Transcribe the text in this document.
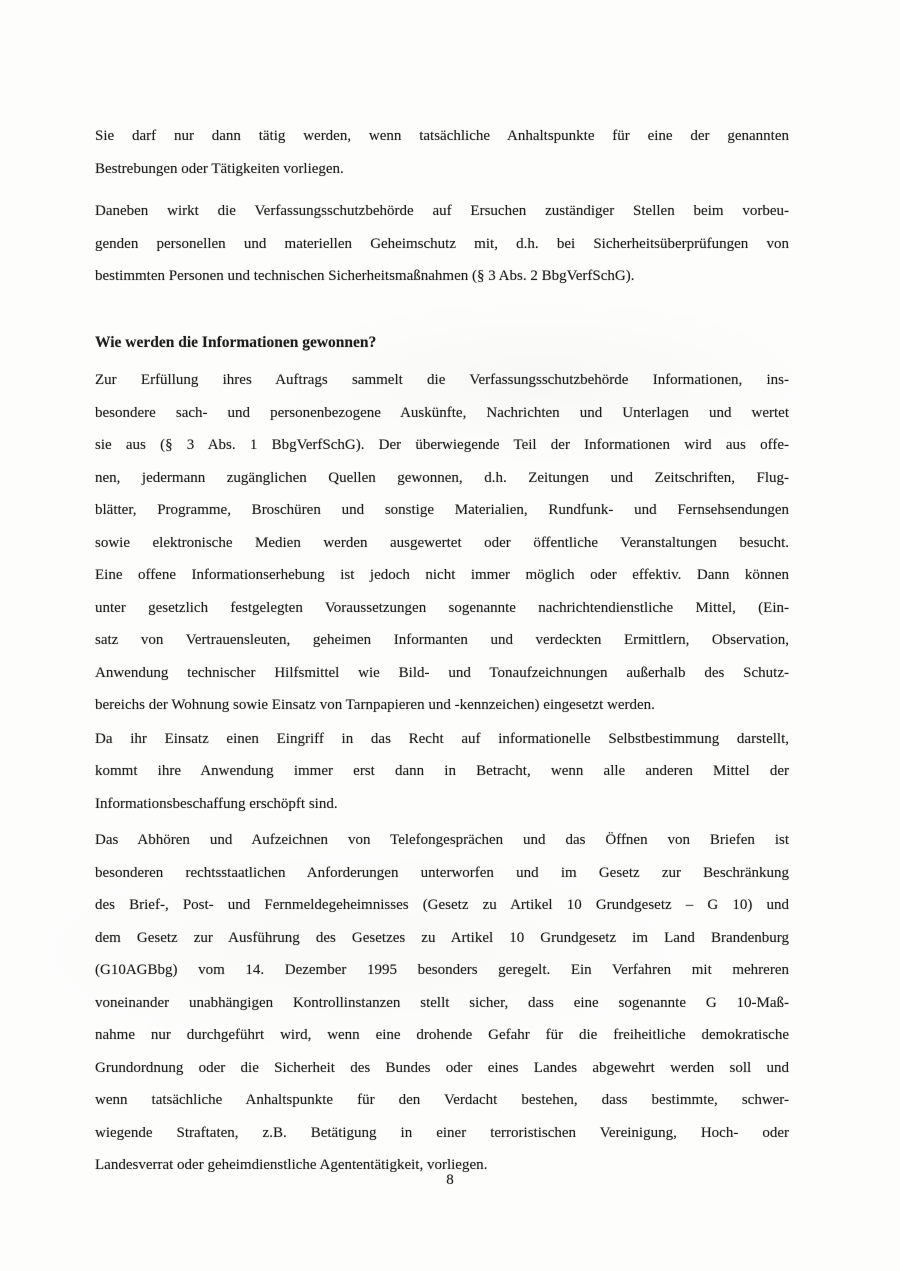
Sie darf nur dann tätig werden, wenn tatsächliche Anhaltspunkte für eine der genannten
Bestrebungen oder Tätigkeiten vorliegen.

Daneben wirkt die Verfassungsschutzbehörde auf Ersuchen zuständiger Stellen beim vorbeu-
genden personellen und materiellen Geheimschutz mit, d.h. bei Sicherheitsüberprüfungen von
bestimmten Personen und technischen Sicherheitsmaßnahmen (§ 3 Abs. 2 BbgVerfSchG).

Wie werden die Informationen gewonnen?

Zur Erfüllung ihres Auftrags sammelt die Verfassungsschutzbehörde Informationen, ins-
besondere sach- und personenbezogene Auskünfte, Nachrichten und Unterlagen und wertet
sie aus (§ 3 Abs. 1 BbgVerfSchG). Der überwiegende Teil der Informationen wird aus offe-
nen, jedermann zugänglichen Quellen gewonnen, d.h. Zeitungen und Zeitschriften, Flug-
blätter, Programme, Broschüren und sonstige Materialien, Rundfunk- und Fernsehsendungen
sowie elektronische Medien werden ausgewertet oder öffentliche Veranstaltungen besucht.
Eine offene Informationserhebung ist jedoch nicht immer möglich oder effektiv. Dann können
unter gesetzlich festgelegten Voraussetzungen sogenannte nachrichtendienstliche Mittel, (Ein-
satz von Vertrauensleuten, geheimen Informanten und verdeckten Ermittlern, Observation,
Anwendung technischer Hilfsmittel wie Bild- und Tonaufzeichnungen außerhalb des Schutz-
bereichs der Wohnung sowie Einsatz von Tarnpapieren und -kennzeichen) eingesetzt werden.

Da ihr Einsatz einen Eingriff in das Recht auf informationelle Selbstbestimmung darstellt,
kommt ihre Anwendung immer erst dann in Betracht, wenn alle anderen Mittel der
Informationsbeschaffung erschöpft sind.

Das Abhören und Aufzeichnen von Telefongesprächen und das Öffnen von Briefen ist
besonderen rechtsstaatlichen Anforderungen unterworfen und im Gesetz zur Beschränkung
des Brief-, Post- und Fernmeldegeheimnisses (Gesetz zu Artikel 10 Grundgesetz – G 10) und
dem Gesetz zur Ausführung des Gesetzes zu Artikel 10 Grundgesetz im Land Brandenburg
(G10AGBbg) vom 14. Dezember 1995 besonders geregelt. Ein Verfahren mit mehreren
voneinander unabhängigen Kontrollinstanzen stellt sicher, dass eine sogenannte G 10-Maß-
nahme nur durchgeführt wird, wenn eine drohende Gefahr für die freiheitliche demokratische
Grundordnung oder die Sicherheit des Bundes oder eines Landes abgewehrt werden soll und
wenn tatsächliche Anhaltspunkte für den Verdacht bestehen, dass bestimmte, schwer-
wiegende Straftaten, z.B. Betätigung in einer terroristischen Vereinigung, Hoch- oder
Landesverrat oder geheimdienstliche Agententätigkeit, vorliegen.

8
